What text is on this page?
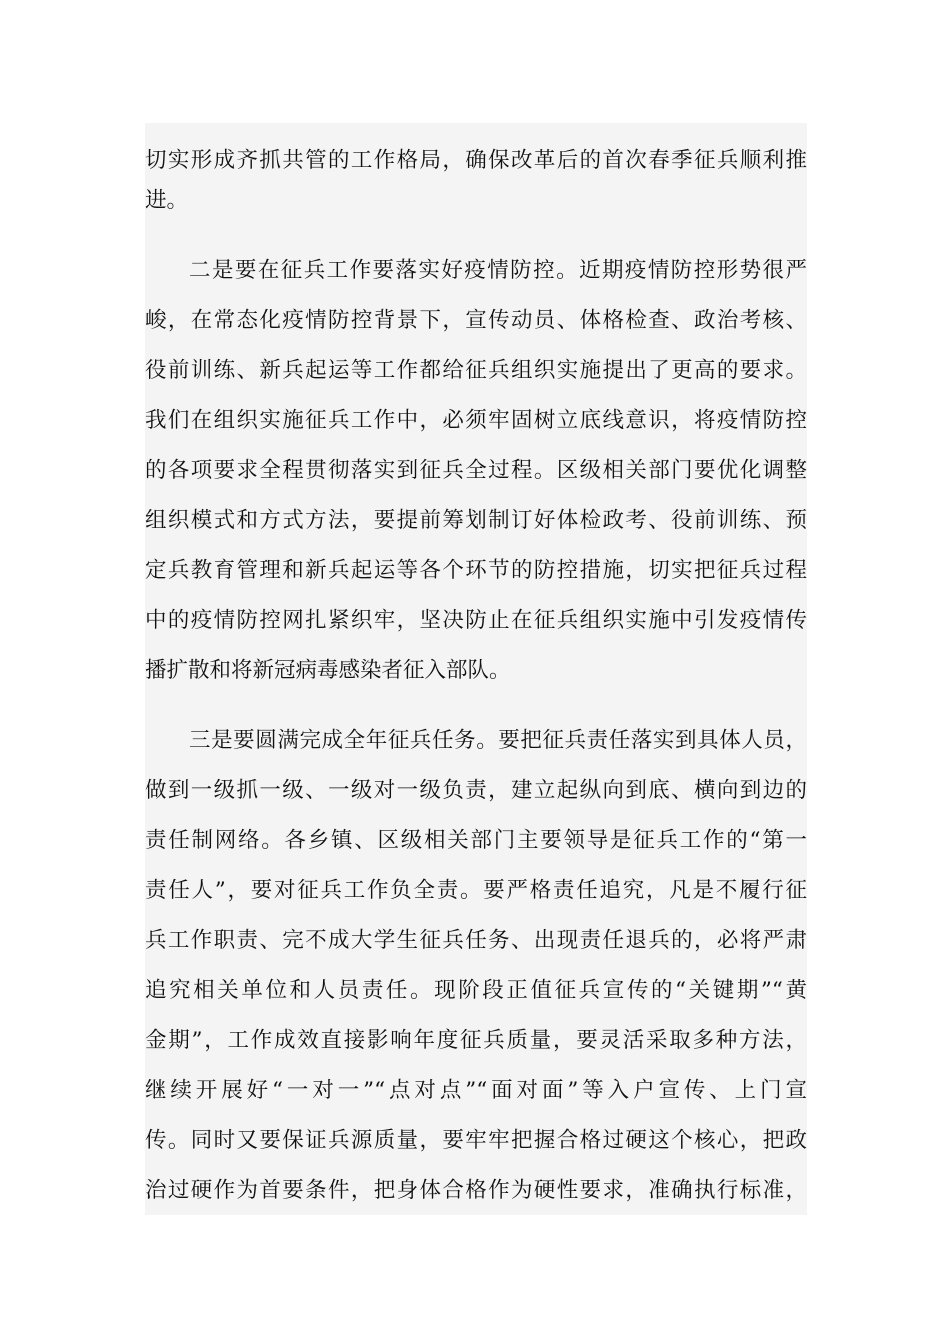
切实形成齐抓共管的工作格局，确保改革后的首次春季征兵顺利推
进。
二是要在征兵工作要落实好疫情防控。近期疫情防控形势很严
峻，在常态化疫情防控背景下，宣传动员、体格检查、政治考核、
役前训练、新兵起运等工作都给征兵组织实施提出了更高的要求。
我们在组织实施征兵工作中，必须牢固树立底线意识，将疫情防控
的各项要求全程贯彻落实到征兵全过程。区级相关部门要优化调整
组织模式和方式方法，要提前筹划制订好体检政考、役前训练、预
定兵教育管理和新兵起运等各个环节的防控措施，切实把征兵过程
中的疫情防控网扎紧织牢，坚决防止在征兵组织实施中引发疫情传
播扩散和将新冠病毒感染者征入部队。
三是要圆满完成全年征兵任务。要把征兵责任落实到具体人员，
做到一级抓一级、一级对一级负责，建立起纵向到底、横向到边的
责任制网络。各乡镇、区级相关部门主要领导是征兵工作的“第一
责任人”，要对征兵工作负全责。要严格责任追究，凡是不履行征
兵工作职责、完不成大学生征兵任务、出现责任退兵的，必将严肃
追究相关单位和人员责任。现阶段正值征兵宣传的“关键期”“黄
金期”，工作成效直接影响年度征兵质量，要灵活采取多种方法，
继续开展好“一对一”“点对点”“面对面”等入户宣传、上门宣
传。同时又要保证兵源质量，要牢牢把握合格过硬这个核心，把政
治过硬作为首要条件，把身体合格作为硬性要求，准确执行标准，
